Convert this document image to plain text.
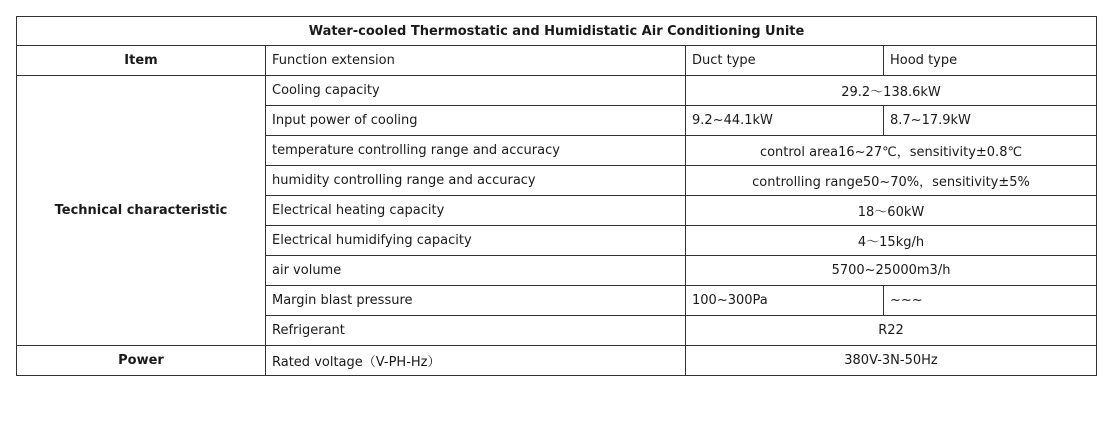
Water-cooled Thermostatic and Humidistatic Air Conditioning Unite			
Item	Function extension	Duct type	Hood type
Technical characteristic	Cooling capacity	29.2～138.6kW	
	Input power of cooling	9.2~44.1kW	8.7~17.9kW
	temperature controlling range and accuracy	control area16~27℃，sensitivity±0.8℃	
	humidity controlling range and accuracy	controlling range50~70%，sensitivity±5%	
	Electrical heating capacity	18～60kW	
	Electrical humidifying capacity	4～15kg/h	
	air volume	5700~25000m3/h	
	Margin blast pressure	100~300Pa	~~~
	Refrigerant	R22	
Power	Rated voltage（V-PH-Hz）	380V-3N-50Hz	
